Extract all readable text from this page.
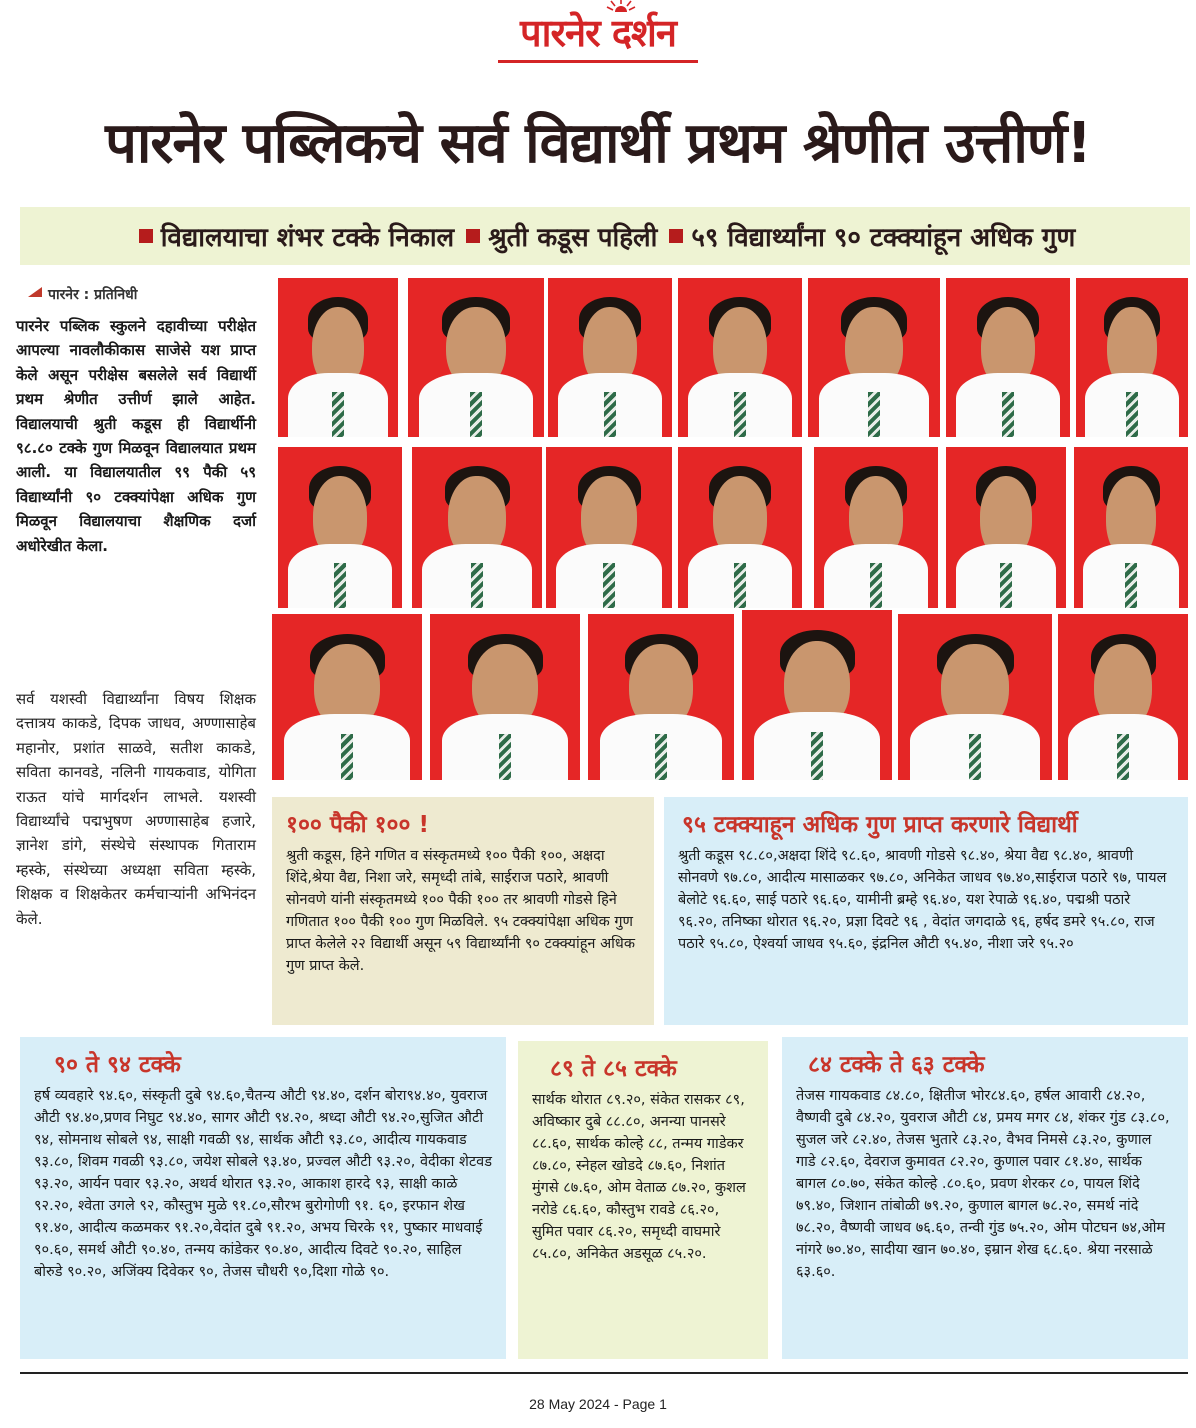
पारनेर दर्शन
पारनेर पब्लिकचे सर्व विद्यार्थी प्रथम श्रेणीत उत्तीर्ण!
विद्यालयाचा शंभर टक्के निकाल श्रुती कडूस पहिली ५९ विद्यार्थ्यांना ९० टक्क्यांहून अधिक गुण
पारनेर : प्रतिनिधी

पारनेर पब्लिक स्कुलने दहावीच्या परीक्षेत आपल्या नावलौकीकास साजेसे यश प्राप्त केले असून परीक्षेस बसलेले सर्व विद्यार्थी प्रथम श्रेणीत उत्तीर्ण झाले आहेत. विद्यालयाची श्रुती कडूस ही विद्यार्थीनी ९८.८० टक्के गुण मिळवून विद्यालयात प्रथम आली. या विद्यालयातील ९९ पैकी ५९ विद्यार्थ्यांनी ९० टक्क्यांपेक्षा अधिक गुण मिळवून विद्यालयाचा शैक्षणिक दर्जा अधोरेखीत केला.

सर्व यशस्वी विद्यार्थ्यांना विषय शिक्षक दत्तात्रय काकडे, दिपक जाधव, अण्णासाहेब महानोर, प्रशांत साळवे, सतीश काकडे, सविता कानवडे, नलिनी गायकवाड, योगिता राऊत यांचे मार्गदर्शन लाभले. यशस्वी विद्यार्थ्यांचे पद्मभुषण अण्णासाहेब हजारे, ज्ञानेश डांगे, संस्थेचे संस्थापक गिताराम म्हस्के, संस्थेच्या अध्यक्षा सविता म्हस्के, शिक्षक व शिक्षकेतर कर्मचाऱ्यांनी अभिनंदन केले.

१०० पैकी १०० !

श्रुती कडूस, हिने गणित व संस्कृतमध्ये १०० पैकी १००, अक्षदा शिंदे,श्रेया वैद्य, निशा जरे, समृध्दी तांबे, साईराज पठारे, श्रावणी सोनवणे यांनी संस्कृतमध्ये १०० पैकी १०० तर श्रावणी गोडसे हिने गणितात १०० पैकी १०० गुण मिळविले. ९५ टक्क्यांपेक्षा अधिक गुण प्राप्त केलेले २२ विद्यार्थी असून ५९ विद्यार्थ्यांनी ९० टक्क्यांहून अधिक गुण प्राप्त केले.

९५ टक्क्याहून अधिक गुण प्राप्त करणारे विद्यार्थी

श्रुती कडूस ९८.८०,अक्षदा शिंदे ९८.६०, श्रावणी गोडसे ९८.४०, श्रेया वैद्य ९८.४०, श्रावणी सोनवणे ९७.८०, आदीत्य मासाळकर ९७.८०, अनिकेत जाधव ९७.४०,साईराज पठारे ९७, पायल बेलोटे ९६.६०, साई पठारे ९६.६०, यामीनी ब्रम्हे ९६.४०, यश रेपाळे ९६.४०, पद्मश्री पठारे ९६.२०, तनिष्का थोरात ९६.२०, प्रज्ञा दिवटे ९६ , वेदांत जगदाळे ९६, हर्षद डमरे ९५.८०, राज पठारे ९५.८०, ऐश्वर्या जाधव ९५.६०, इंद्रनिल औटी ९५.४०, नीशा जरे ९५.२०

९० ते ९४ टक्के

हर्ष व्यवहारे ९४.६०, संस्कृती दुबे ९४.६०,चैतन्य औटी ९४.४०, दर्शन बोरा९४.४०, युवराज औटी ९४.४०,प्रणव निघुट ९४.४०, सागर औटी ९४.२०, श्रध्दा औटी ९४.२०,सुजित औटी ९४, सोमनाथ सोबले ९४, साक्षी गवळी ९४, सार्थक औटी ९३.८०, आदीत्य गायकवाड ९३.८०, शिवम गवळी ९३.८०, जयेश सोबले ९३.४०, प्रज्वल औटी ९३.२०, वेदीका शेटवड ९३.२०, आर्यन पवार ९३.२०, अथर्व थोरात ९३.२०, आकाश हारदे ९३, साक्षी काळे ९२.२०, श्वेता उगले ९२, कौस्तुभ मुळे ९१.८०,सौरभ बुरोगोणी ९१. ६०, इरफान शेख ९१.४०, आदीत्य कळमकर ९१.२०,वेदांत दुबे ९१.२०, अभय चिरके ९१, पुष्कार माधवाई ९०.६०, समर्थ औटी ९०.४०, तन्मय कांडेकर ९०.४०, आदीत्य दिवटे ९०.२०, साहिल बोरुडे ९०.२०, अजिंक्य दिवेकर ९०, तेजस चौधरी ९०,दिशा गोळे ९०.

८९ ते ८५ टक्के

सार्थक थोरात ८९.२०, संकेत रासकर ८९, अविष्कार दुबे ८८.८०, अनन्या पानसरे ८८.६०, सार्थक कोल्हे ८८, तन्मय गाडेकर ८७.८०, स्नेहल खोडदे ८७.६०, निशांत मुंगसे ८७.६०, ओम वेताळ ८७.२०, कुशल नरोडे ८६.६०, कौस्तुभ रावडे ८६.२०, सुमित पवार ८६.२०, समृध्दी वाघमारे ८५.८०, अनिकेत अडसूळ ८५.२०.

८४ टक्के ते ६३ टक्के

तेजस गायकवाड ८४.८०, क्षितीज भोर८४.६०, हर्षल आवारी ८४.२०, वैष्णवी दुबे ८४.२०, युवराज औटी ८४, प्रमय मगर ८४, शंकर गुंड ८३.८०, सुजल जरे ८२.४०, तेजस भुतारे ८३.२०, वैभव निमसे ८३.२०, कुणाल गाडे ८२.६०, देवराज कुमावत ८२.२०, कुणाल पवार ८१.४०, सार्थक बागल ८०.७०, संकेत कोल्हे .८०.६०, प्रवण शेरकर ८०, पायल शिंदे ७९.४०, जिशान तांबोळी ७९.२०, कुणाल बागल ७८.२०, समर्थ नांदे ७८.२०, वैष्णवी जाधव ७६.६०, तन्वी गुंड ७५.२०, ओम पोटघन ७४,ओम नांगरे ७०.४०, सादीया खान ७०.४०, इम्रान शेख ६८.६०. श्रेया नरसाळे ६३.६०.

28 May 2024 - Page 1
